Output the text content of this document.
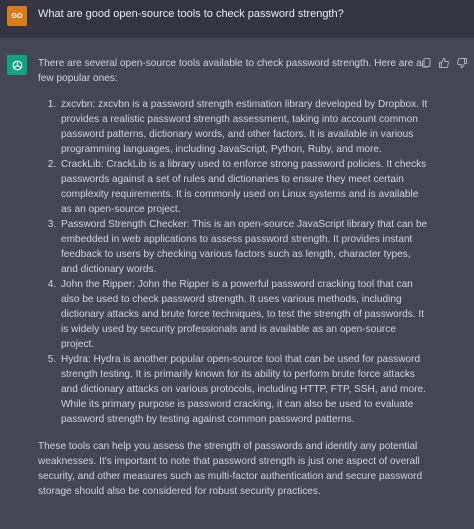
GO	What are good open-source tools to check password strength?

There are several open-source tools available to check password strength. Here are a few popular ones:

1. zxcvbn: zxcvbn is a password strength estimation library developed by Dropbox. It provides a realistic password strength assessment, taking into account common password patterns, dictionary words, and other factors. It is available in various programming languages, including JavaScript, Python, Ruby, and more.
2. CrackLib: CrackLib is a library used to enforce strong password policies. It checks passwords against a set of rules and dictionaries to ensure they meet certain complexity requirements. It is commonly used on Linux systems and is available as an open-source project.
3. Password Strength Checker: This is an open-source JavaScript library that can be embedded in web applications to assess password strength. It provides instant feedback to users by checking various factors such as length, character types, and dictionary words.
4. John the Ripper: John the Ripper is a powerful password cracking tool that can also be used to check password strength. It uses various methods, including dictionary attacks and brute force techniques, to test the strength of passwords. It is widely used by security professionals and is available as an open-source project.
5. Hydra: Hydra is another popular open-source tool that can be used for password strength testing. It is primarily known for its ability to perform brute force attacks and dictionary attacks on various protocols, including HTTP, FTP, SSH, and more. While its primary purpose is password cracking, it can also be used to evaluate password strength by testing against common password patterns.

These tools can help you assess the strength of passwords and identify any potential weaknesses. It's important to note that password strength is just one aspect of overall security, and other measures such as multi-factor authentication and secure password storage should also be considered for robust security practices.
